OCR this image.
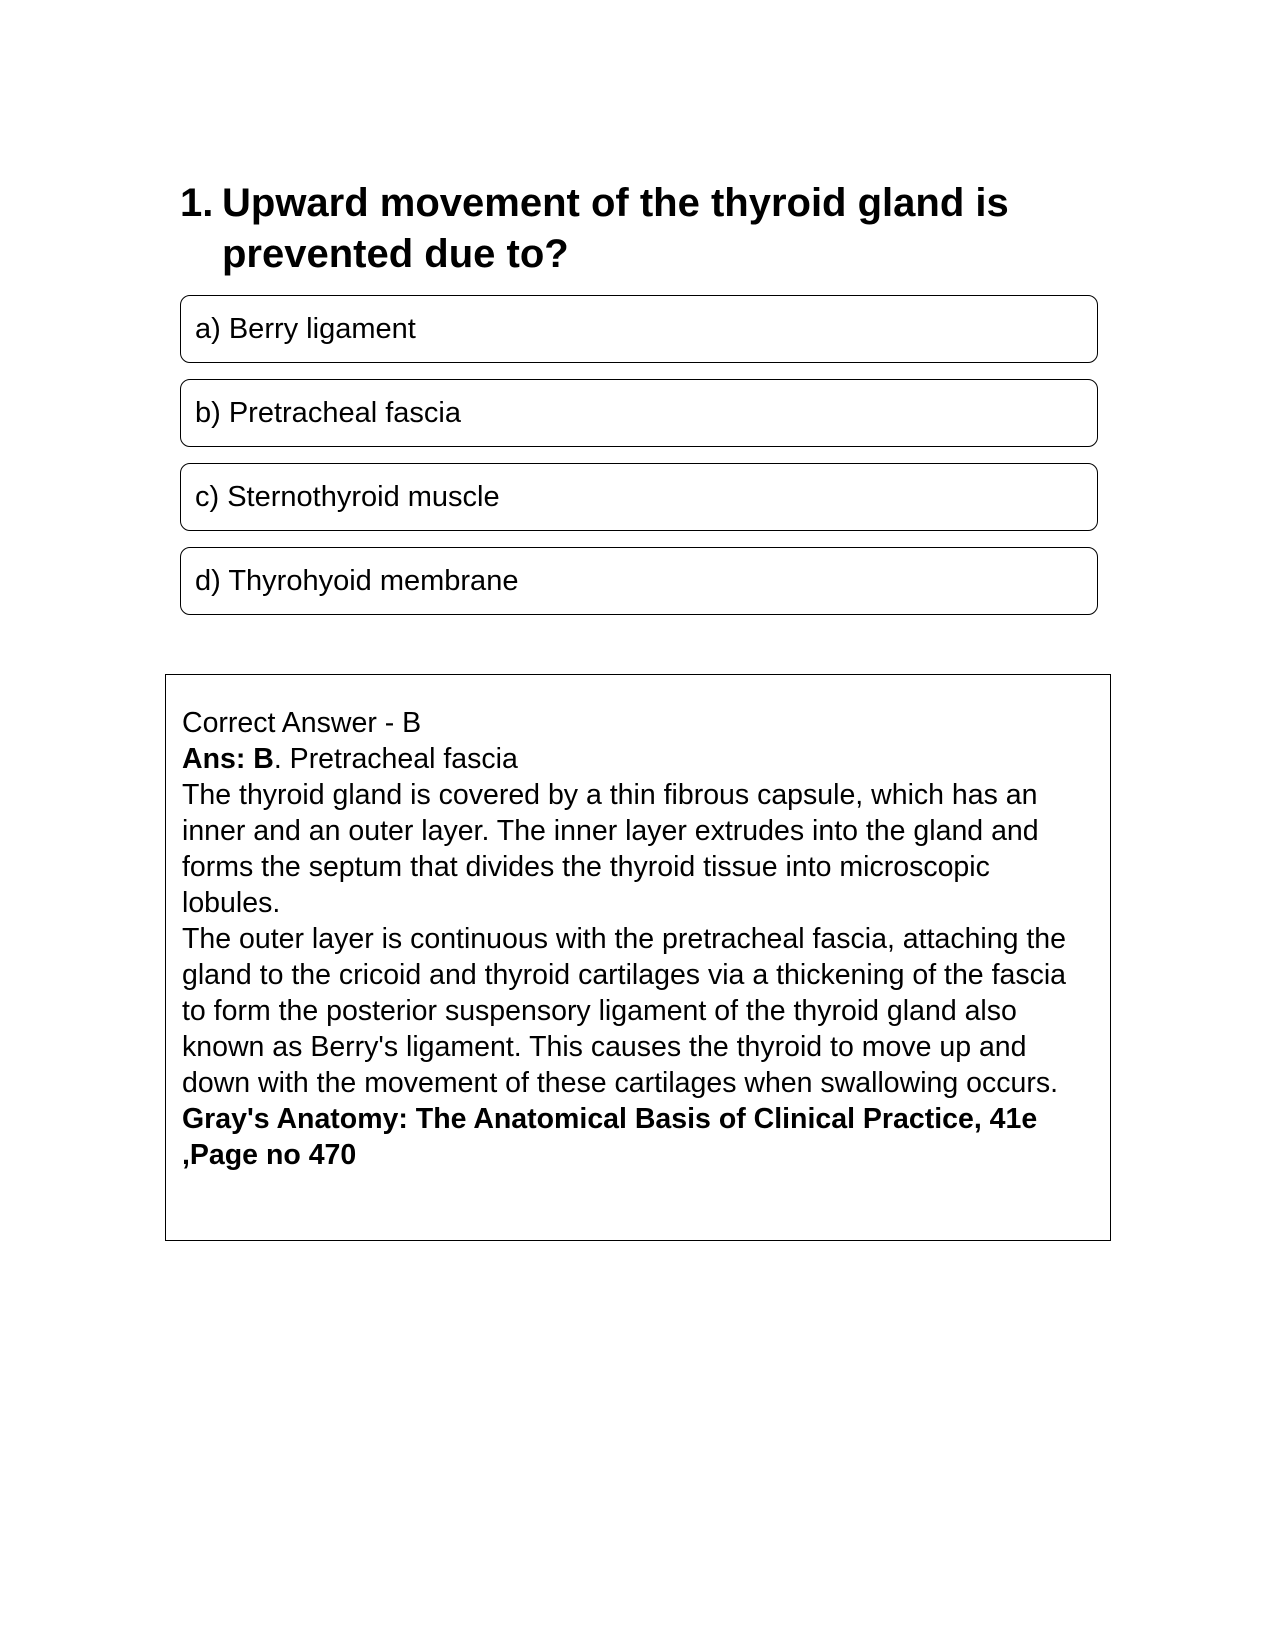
1. Upward movement of the thyroid gland is prevented due to?
a) Berry ligament
b) Pretracheal fascia
c) Sternothyroid muscle
d) Thyrohyoid membrane

Correct Answer - B

Ans: B. Pretracheal fascia

The thyroid gland is covered by a thin fibrous capsule, which has an inner and an outer layer. The inner layer extrudes into the gland and forms the septum that divides the thyroid tissue into microscopic lobules.

The outer layer is continuous with the pretracheal fascia, attaching the gland to the cricoid and thyroid cartilages via a thickening of the fascia to form the posterior suspensory ligament of the thyroid gland also known as Berry's ligament. This causes the thyroid to move up and down with the movement of these cartilages when swallowing occurs.

Gray's Anatomy: The Anatomical Basis of Clinical Practice, 41e ,Page no 470
